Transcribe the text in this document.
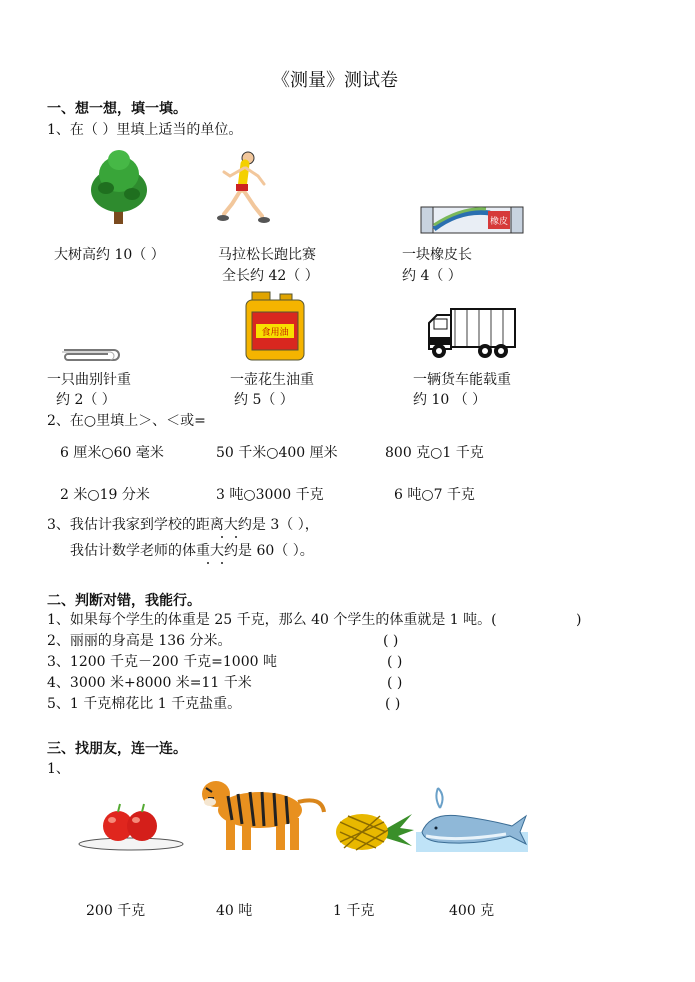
《测量》测试卷
一、想一想，填一填。
1、在（ ）里填上适当的单位。
橡皮
大树高约 10（ ）	马拉松长跑比赛
全长约 42（ ）
一块橡皮长
约 4（ ）
食用油
一只曲别针重
约 2（ ）
一壶花生油重
约 5（ ）
一辆货车能载重
约 10 （ ）
2、在○里填上＞、＜或=
6 厘米○60 毫米	50 千米○400 厘米	800 克○1 千克
2 米○19 分米	3 吨○3000 千克	6 吨○7 千克
3、我估计我家到学校的距离大约是 3（ ），
我估计数学老师的体重大约是 60（ ）。
二、判断对错，我能行。
1、如果每个学生的体重是 25 千克，那么 40 个学生的体重就是 1 吨。(	)
2、丽丽的身高是 136 分米。	( )
3、1200 千克－200 千克=1000 吨	( )
4、3000 米+8000 米=11 千米	( )
5、1 千克棉花比 1 千克盐重。	( )
三、找朋友，连一连。
1、
200 千克	40 吨	1 千克	400 克
